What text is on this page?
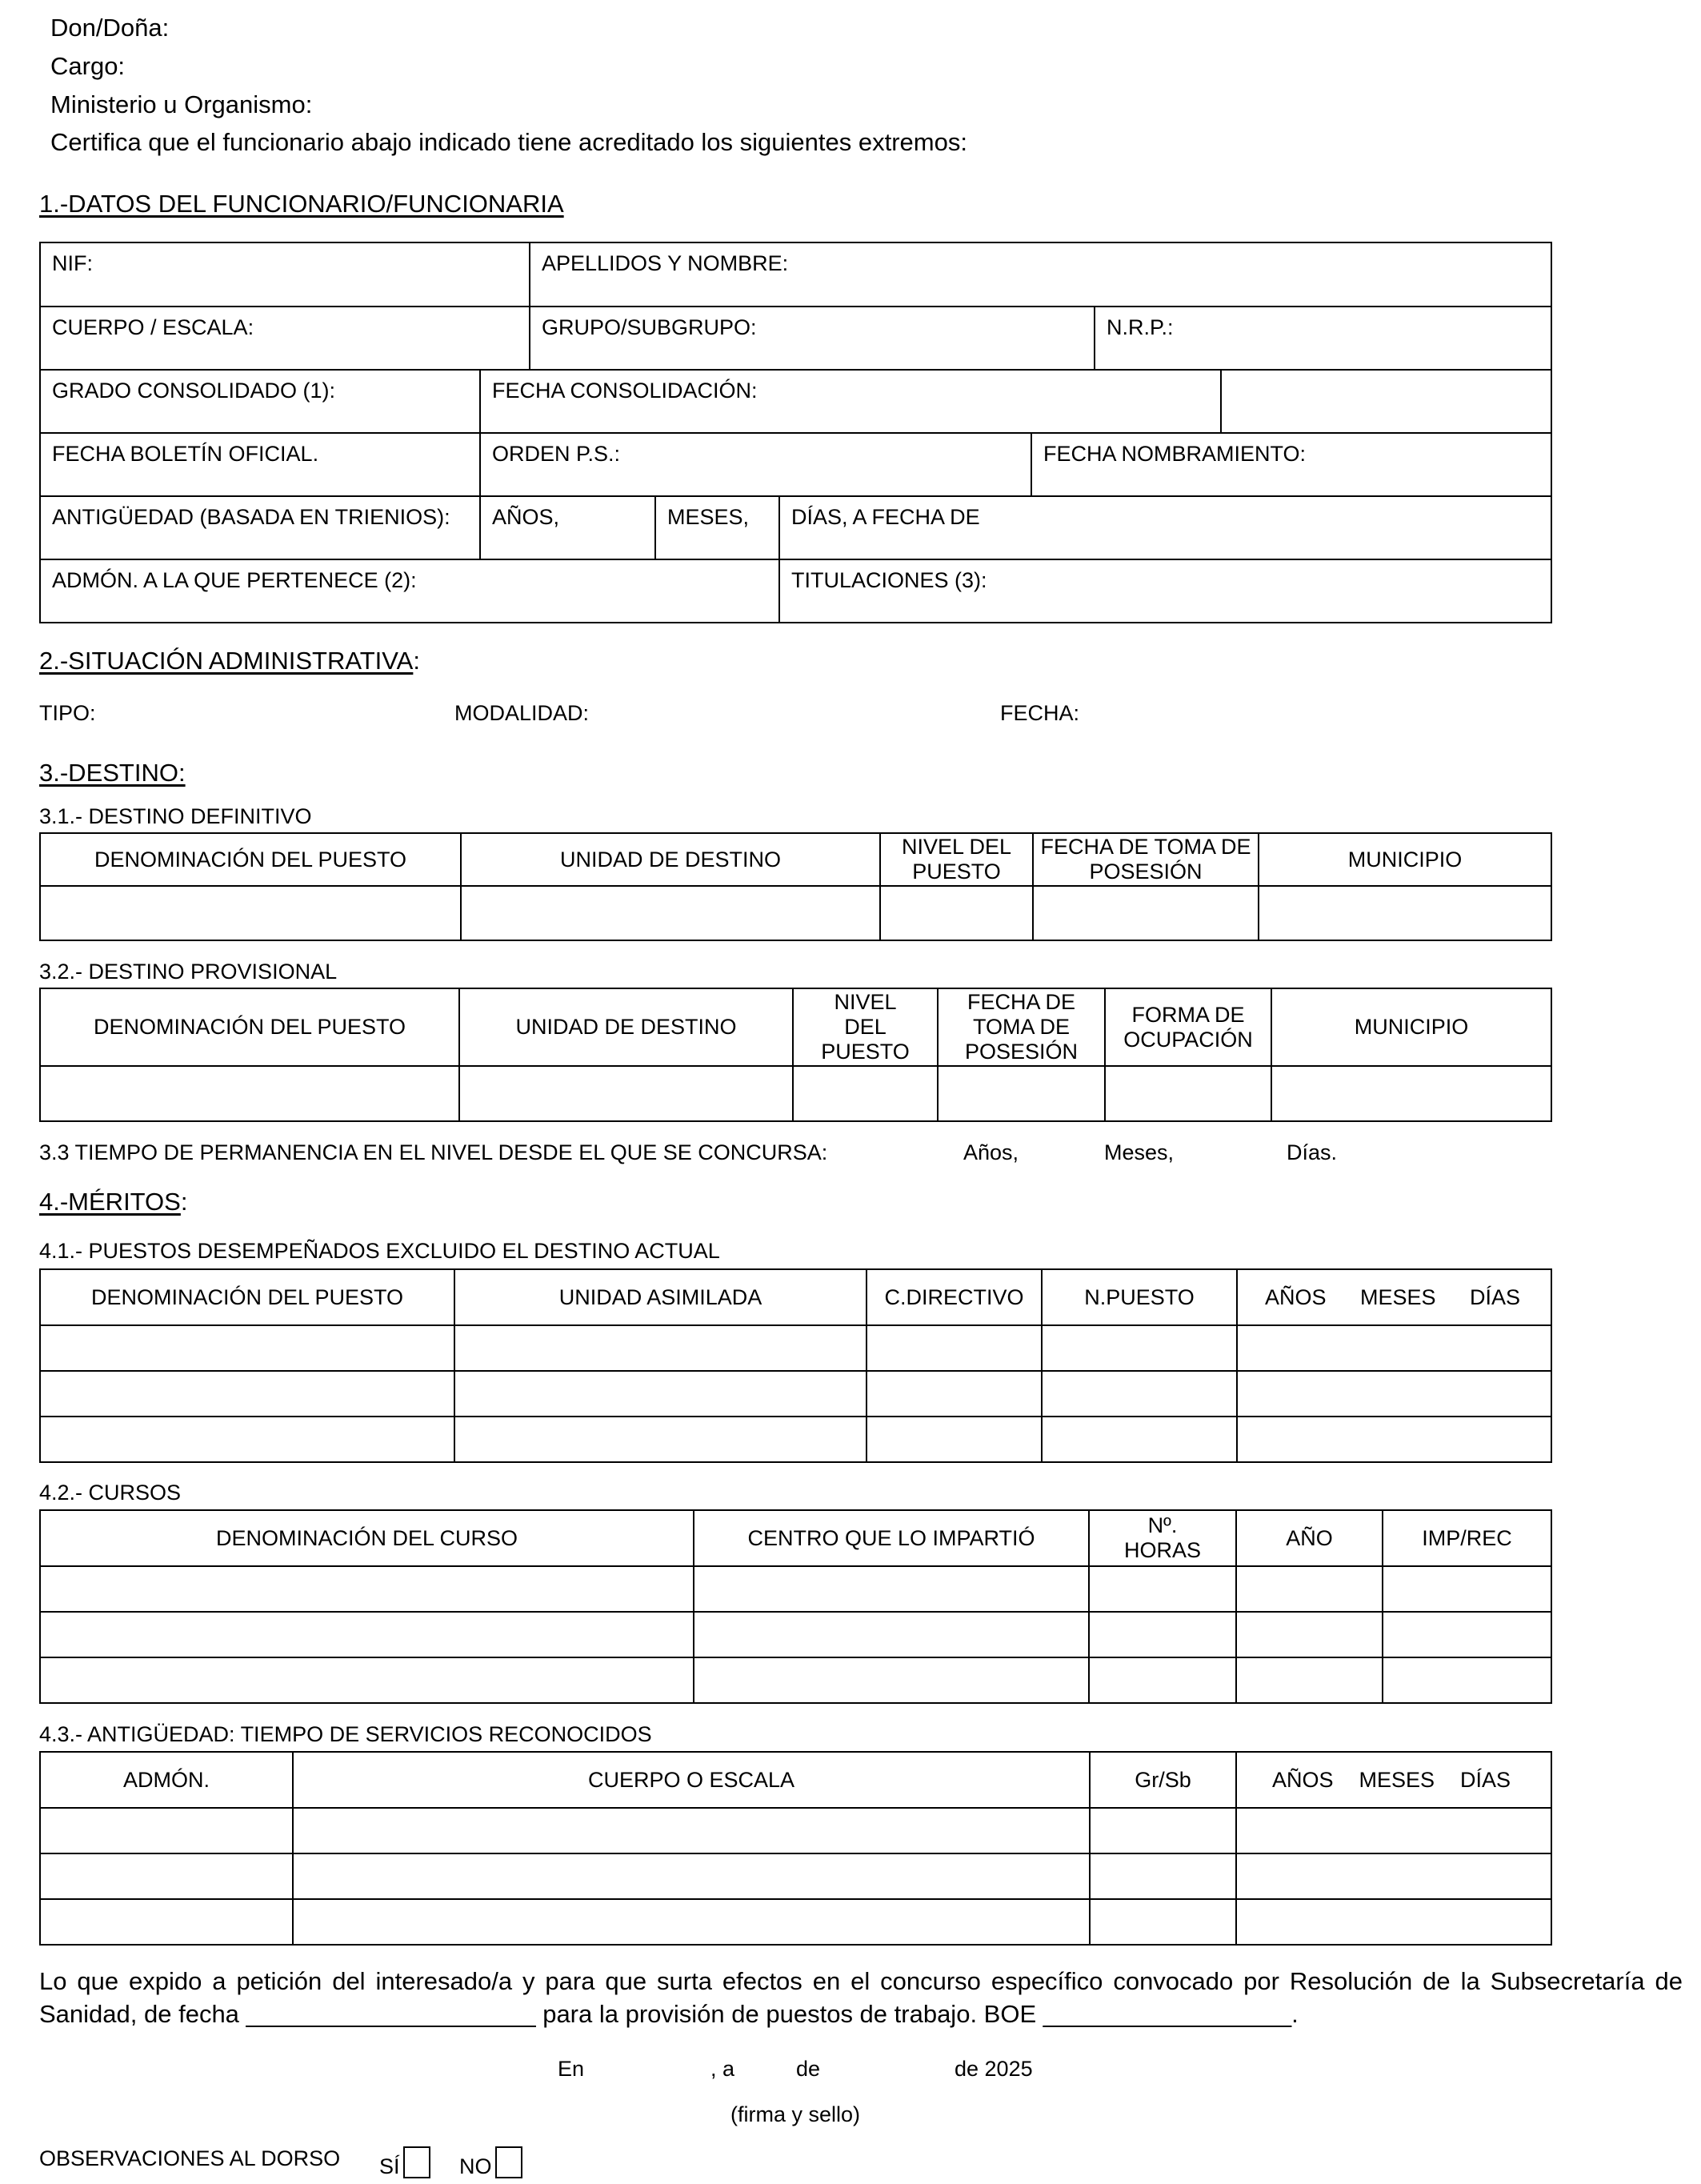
Don/Doña:
Cargo:
Ministerio u Organismo:
Certifica que el funcionario abajo indicado tiene acreditado los siguientes extremos:
1.-DATOS DEL FUNCIONARIO/FUNCIONARIA
NIF:		APELLIDOS Y NOMBRE:					
CUERPO / ESCALA:		GRUPO/SUBGRUPO:				N.R.P.:	
GRADO CONSOLIDADO (1):	FECHA CONSOLIDACIÓN:						
FECHA BOLETÍN OFICIAL.	ORDEN P.S.:				FECHA NOMBRAMIENTO:		
ANTIGÜEDAD (BASADA EN TRIENIOS):	AÑOS,		MESES,	DÍAS, A FECHA DE			
ADMÓN. A LA QUE PERTENECE (2):				TITULACIONES (3):			
2.-SITUACIÓN ADMINISTRATIVA:
TIPO:	MODALIDAD:	FECHA:
3.-DESTINO:
3.1.- DESTINO DEFINITIVO
DENOMINACIÓN DEL PUESTO	UNIDAD DE DESTINO	NIVEL DEL PUESTO	FECHA DE TOMA DE POSESIÓN	MUNICIPIO

3.2.- DESTINO PROVISIONAL
DENOMINACIÓN DEL PUESTO	UNIDAD DE DESTINO	NIVEL DEL PUESTO	FECHA DE TOMA DE POSESIÓN	FORMA DE OCUPACIÓN	MUNICIPIO

3.3 TIEMPO DE PERMANENCIA EN EL NIVEL DESDE EL QUE SE CONCURSA:	Años,	Meses,	Días.
4.-MÉRITOS:
4.1.- PUESTOS DESEMPEÑADOS EXCLUIDO EL DESTINO ACTUAL
DENOMINACIÓN DEL PUESTO	UNIDAD ASIMILADA	C.DIRECTIVO	N.PUESTO	AÑOS MESES DÍAS

4.2.- CURSOS
DENOMINACIÓN DEL CURSO	CENTRO QUE LO IMPARTIÓ	Nº. HORAS	AÑO	IMP/REC

4.3.- ANTIGÜEDAD: TIEMPO DE SERVICIOS RECONOCIDOS
ADMÓN.	CUERPO O ESCALA	Gr/Sb	AÑOS MESES DÍAS

Lo que expido a petición del interesado/a y para que surta efectos en el concurso específico convocado por Resolución de la Subsecretaría de
Sanidad, de fecha _____________________ para la provisión de puestos de trabajo. BOE __________________.
En	, a	de	de 2025
(firma y sello)
OBSERVACIONES AL DORSO SÍ	NO
